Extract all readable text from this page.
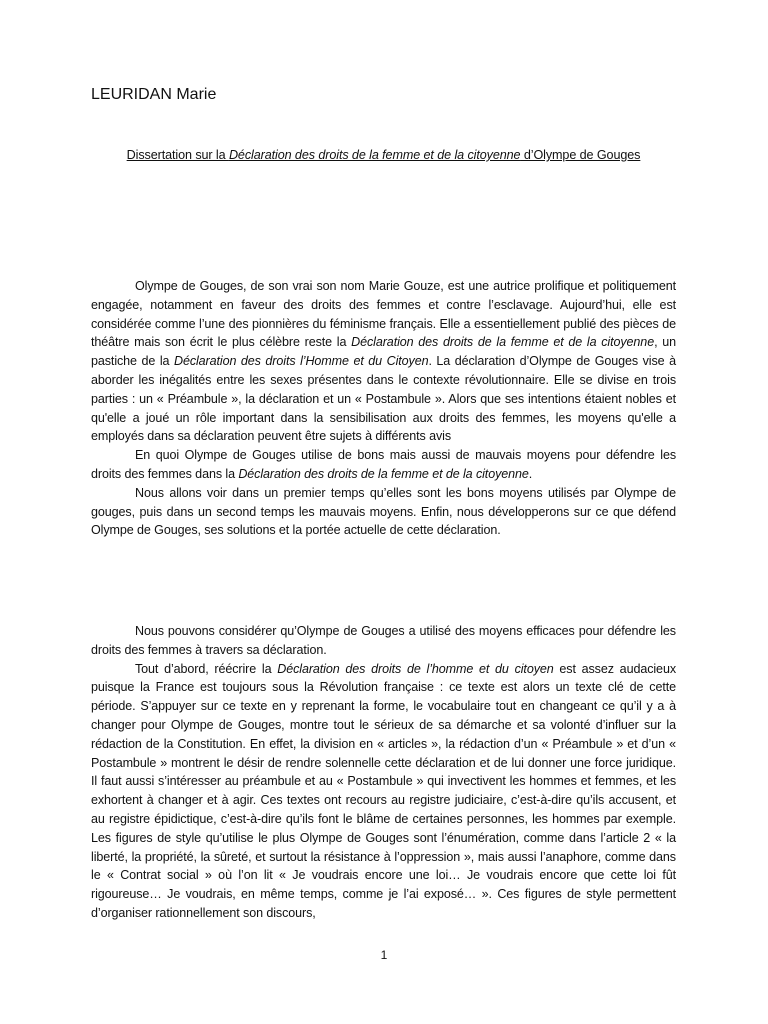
LEURIDAN Marie

Dissertation sur la Déclaration des droits de la femme et de la citoyenne d’Olympe de Gouges

Olympe de Gouges, de son vrai son nom Marie Gouze, est une autrice prolifique et politiquement engagée, notamment en faveur des droits des femmes et contre l’esclavage. Aujourd’hui, elle est considérée comme l’une des pionnières du féminisme français. Elle a essentiellement publié des pièces de théâtre mais son écrit le plus célèbre reste la Déclaration des droits de la femme et de la citoyenne, un pastiche de la Déclaration des droits l’Homme et du Citoyen. La déclaration d’Olympe de Gouges vise à aborder les inégalités entre les sexes présentes dans le contexte révolutionnaire. Elle se divise en trois parties : un « Préambule », la déclaration et un « Postambule ». Alors que ses intentions étaient nobles et qu'elle a joué un rôle important dans la sensibilisation aux droits des femmes, les moyens qu'elle a employés dans sa déclaration peuvent être sujets à différents avis

En quoi Olympe de Gouges utilise de bons mais aussi de mauvais moyens pour défendre les droits des femmes dans la Déclaration des droits de la femme et de la citoyenne.

Nous allons voir dans un premier temps qu’elles sont les bons moyens utilisés par Olympe de gouges, puis dans un second temps les mauvais moyens. Enfin, nous développerons sur ce que défend Olympe de Gouges, ses solutions et la portée actuelle de cette déclaration.

Nous pouvons considérer qu’Olympe de Gouges a utilisé des moyens efficaces pour défendre les droits des femmes à travers sa déclaration.

Tout d’abord, réécrire la Déclaration des droits de l’homme et du citoyen est assez audacieux puisque la France est toujours sous la Révolution française : ce texte est alors un texte clé de cette période. S’appuyer sur ce texte en y reprenant la forme, le vocabulaire tout en changeant ce qu’il y a à changer pour Olympe de Gouges, montre tout le sérieux de sa démarche et sa volonté d’influer sur la rédaction de la Constitution. En effet, la division en « articles », la rédaction d’un « Préambule » et d’un « Postambule » montrent le désir de rendre solennelle cette déclaration et de lui donner une force juridique. Il faut aussi s’intéresser au préambule et au « Postambule » qui invectivent les hommes et femmes, et les exhortent à changer et à agir. Ces textes ont recours au registre judiciaire, c’est-à-dire qu’ils accusent, et au registre épidictique, c’est-à-dire qu’ils font le blâme de certaines personnes, les hommes par exemple. Les figures de style qu’utilise le plus Olympe de Gouges sont l’énumération, comme dans l’article 2 « la liberté, la propriété, la sûreté, et surtout la résistance à l’oppression », mais aussi l’anaphore, comme dans le « Contrat social » où l’on lit « Je voudrais encore une loi… Je voudrais encore que cette loi fût rigoureuse… Je voudrais, en même temps, comme je l’ai exposé… ». Ces figures de style permettent d’organiser rationnellement son discours,

1
